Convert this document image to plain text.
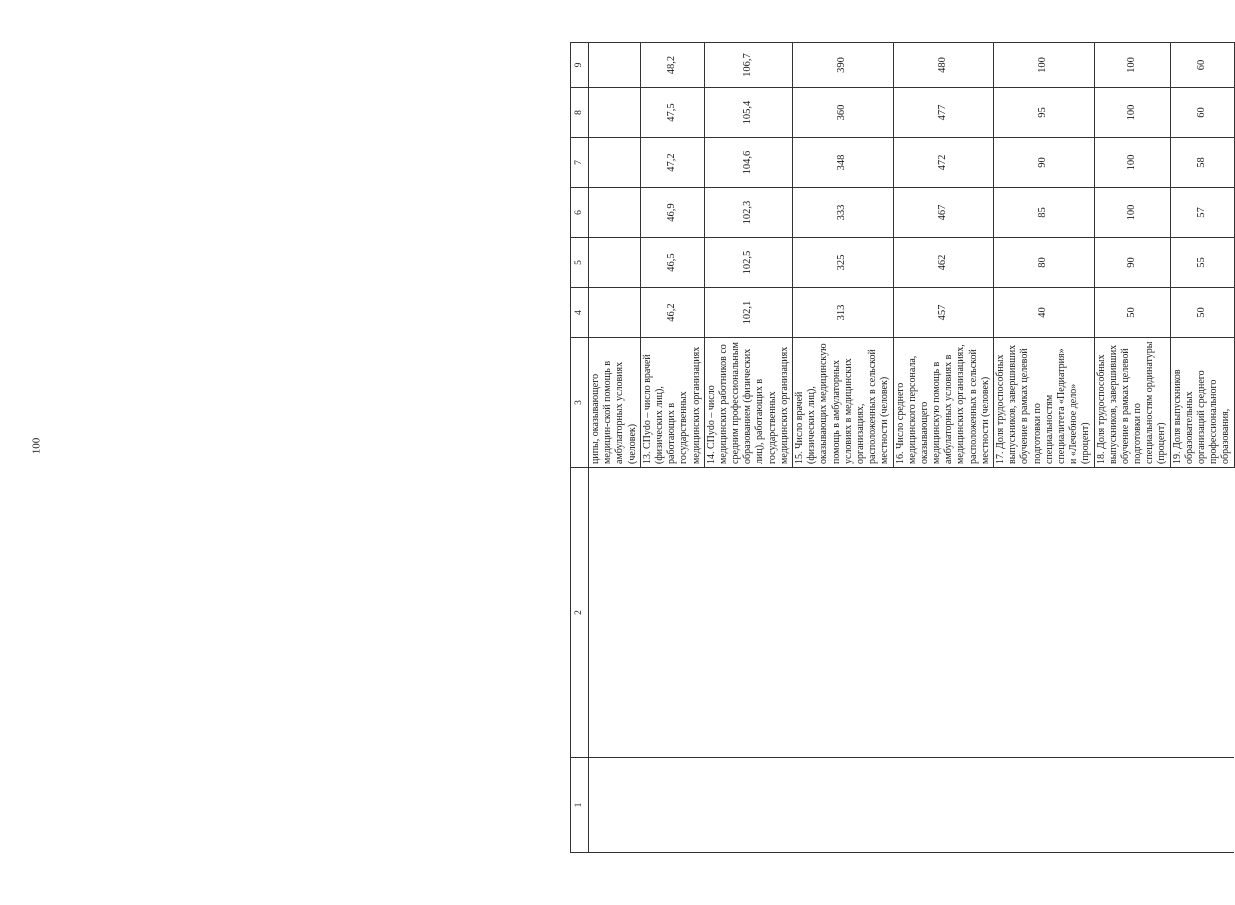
100
1	2	3	4	5	6	7	8	9
		ципы, оказывающего медицин-ской помощь в амбулаторных условиях (человек)						
		13. СПуdo – число врачей (физических лиц), работающих в государственных медицинских организациях	46,2	46,5	46,9	47,2	47,5	48,2
		14. СПуdo – число медицинских работников со средним профессиональным образованием (физических лиц), работающих в государственных медицинских организациях	102,1	102,5	102,3	104,6	105,4	106,7
		15. Число врачей (физических лиц), оказывающих медицинскую помощь в амбулаторных условиях в медицинских организациях, расположенных в сельской местности (человек)	313	325	333	348	360	390
		16. Число среднего медицинского персонала, оказывающего медицинскую помощь в амбулаторных условиях в медицинских организациях, расположенных в сельской местности (человек)	457	462	467	472	477	480
		17. Доля трудоспособных выпускников, завершивших обучение в рамках целевой подготовки по специальностям специалитета «Педиатрия» и «Лечебное дело» (процент)	40	80	85	90	95	100
		18. Доля трудоспособных выпускников, завершивших обучение в рамках целевой подготовки по специальностям ординатуры (процент)	50	90	100	100	100	100
		19. Доля выпускников образовательных организаций среднего профессионального образования,	50	55	57	58	60	60
